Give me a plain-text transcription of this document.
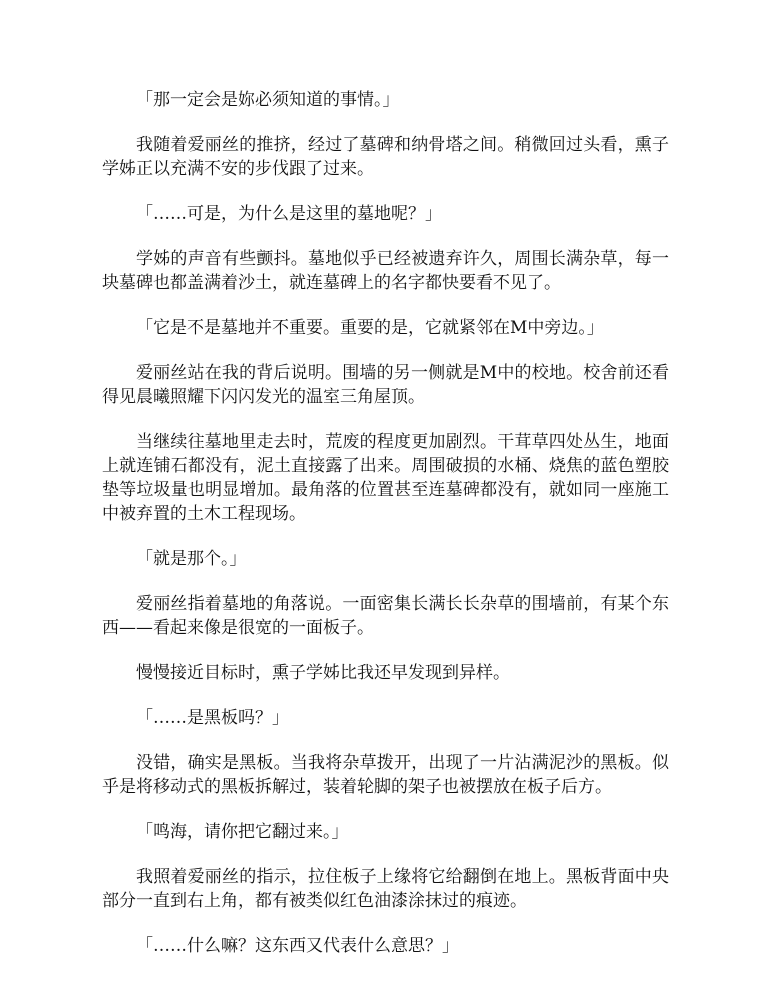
「那一定会是妳必须知道的事情。」

我随着爱丽丝的推挤，经过了墓碑和纳骨塔之间。稍微回过头看，熏子学姊正以充满不安的步伐跟了过来。

「……可是，为什么是这里的墓地呢？」

学姊的声音有些颤抖。墓地似乎已经被遗弃许久，周围长满杂草，每一块墓碑也都盖满着沙土，就连墓碑上的名字都快要看不见了。

「它是不是墓地并不重要。重要的是，它就紧邻在M中旁边。」

爱丽丝站在我的背后说明。围墙的另一侧就是M中的校地。校舍前还看得见晨曦照耀下闪闪发光的温室三角屋顶。

当继续往墓地里走去时，荒废的程度更加剧烈。干茸草四处丛生，地面上就连铺石都没有，泥土直接露了出来。周围破损的水桶、烧焦的蓝色塑胶垫等垃圾量也明显增加。最角落的位置甚至连墓碑都没有，就如同一座施工中被弃置的土木工程现场。

「就是那个。」

爱丽丝指着墓地的角落说。一面密集长满长长杂草的围墙前，有某个东西——看起来像是很宽的一面板子。

慢慢接近目标时，熏子学姊比我还早发现到异样。

「……是黑板吗？」

没错，确实是黑板。当我将杂草拨开，出现了一片沾满泥沙的黑板。似乎是将移动式的黑板拆解过，装着轮脚的架子也被摆放在板子后方。

「鸣海，请你把它翻过来。」

我照着爱丽丝的指示，拉住板子上缘将它给翻倒在地上。黑板背面中央部分一直到右上角，都有被类似红色油漆涂抹过的痕迹。

「……什么嘛？这东西又代表什么意思？」
